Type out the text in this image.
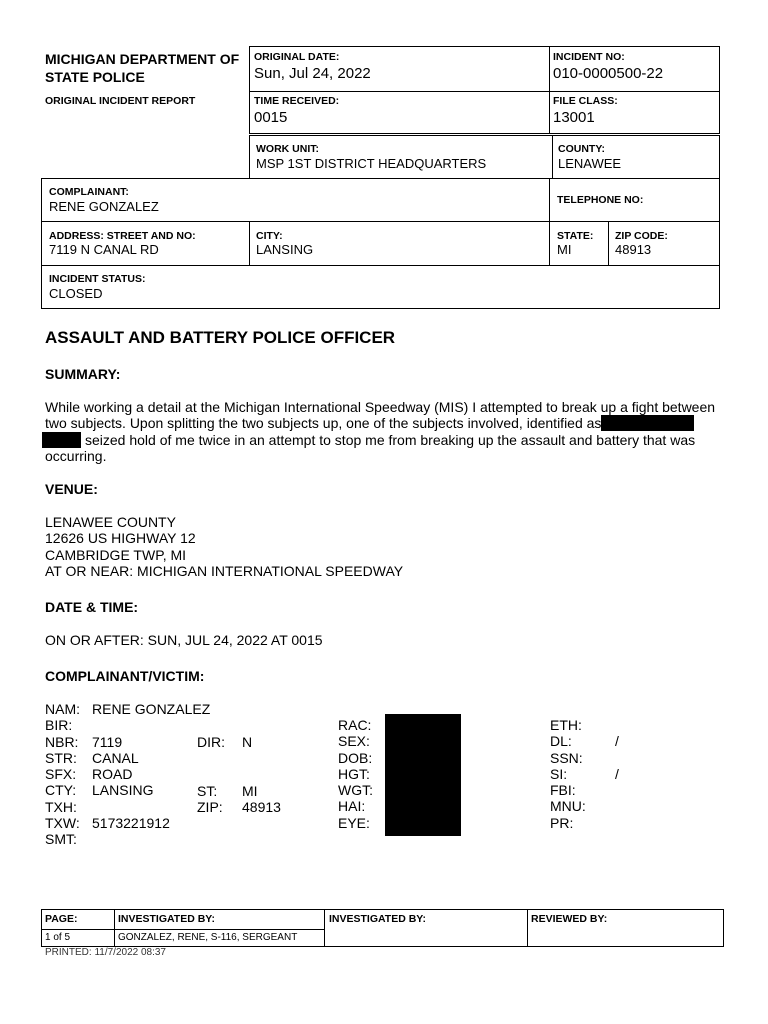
MICHIGAN DEPARTMENT OF
STATE POLICE
ORIGINAL INCIDENT REPORT
ORIGINAL DATE:
Sun, Jul 24, 2022
INCIDENT NO:
010-0000500-22
TIME RECEIVED:
0015
FILE CLASS:
13001
WORK UNIT:
MSP 1ST DISTRICT HEADQUARTERS
COUNTY:
LENAWEE
COMPLAINANT:
RENE GONZALEZ	TELEPHONE NO:
ADDRESS: STREET AND NO:
7119 N CANAL RD
CITY:
LANSING
STATE:
MI
ZIP CODE:
48913
INCIDENT STATUS:
CLOSED
ASSAULT AND BATTERY POLICE OFFICER
SUMMARY:
While working a detail at the Michigan International Speedway (MIS) I attempted to break up a fight between
two subjects. Upon splitting the two subjects up, one of the subjects involved, identified as
seized hold of me twice in an attempt to stop me from breaking up the assault and battery that was
occurring.
VENUE:
LENAWEE COUNTY
12626 US HIGHWAY 12
CAMBRIDGE TWP, MI
AT OR NEAR: MICHIGAN INTERNATIONAL SPEEDWAY
DATE & TIME:
ON OR AFTER: SUN, JUL 24, 2022 AT 0015
COMPLAINANT/VICTIM:
NAM:
BIR:
NBR:
STR:
SFX:
CTY:
TXH:
TXW:
SMT:
RENE GONZALEZ

7119
CANAL
ROAD
LANSING

5173221912
DIR:

ST:
ZIP:
N

MI
48913
RAC:
SEX:
DOB:
HGT:
WGT:
HAI:
EYE:
ETH:
DL:
SSN:
SI:
FBI:
MNU:
PR:
/

/
PAGE:
1 of 5
INVESTIGATED BY:
GONZALEZ, RENE, S-116, SERGEANT
INVESTIGATED BY:	REVIEWED BY:
PRINTED: 11/7/2022 08:37
